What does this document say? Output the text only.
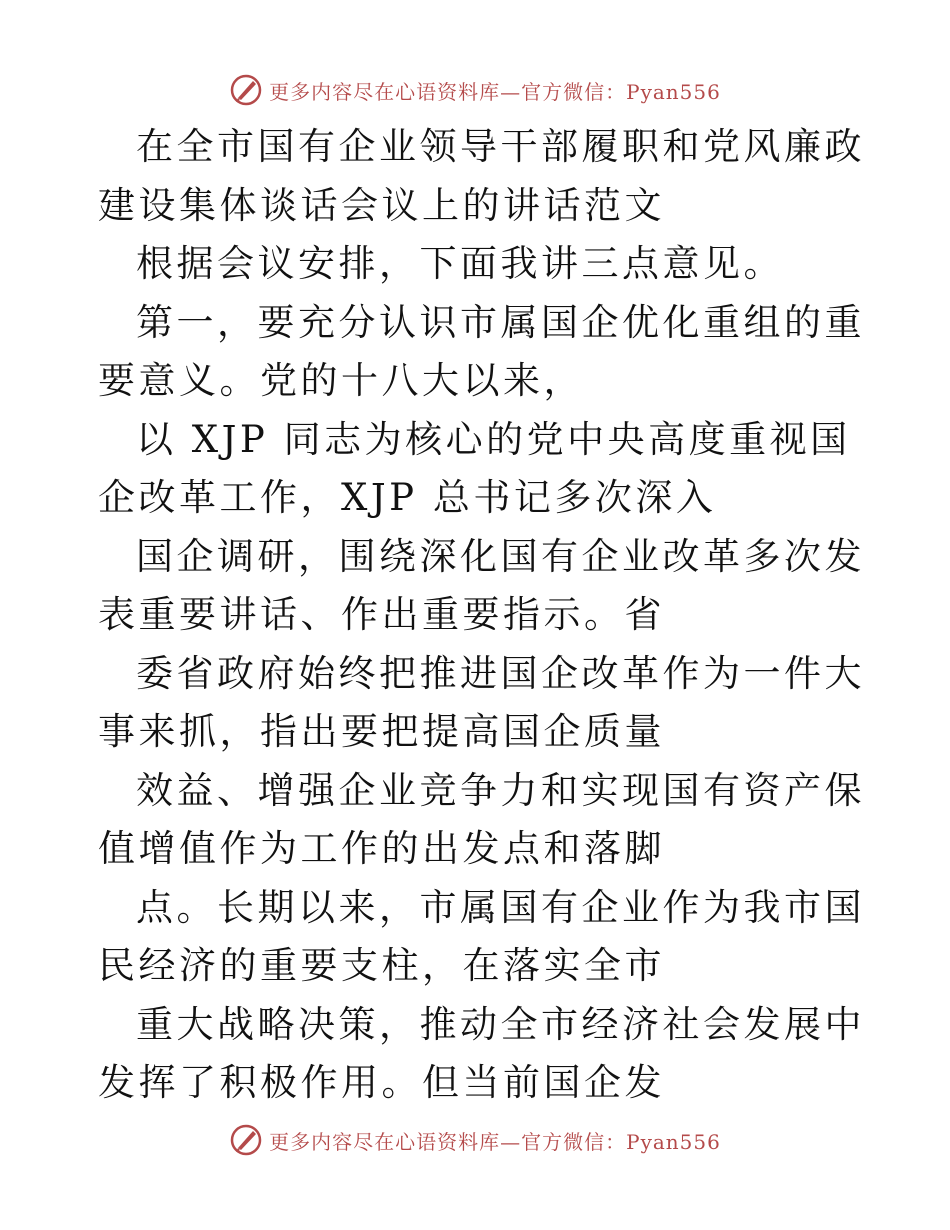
更多内容尽在心语资料库—官方微信：Pyan556

在全市国有企业领导干部履职和党风廉政建设集体谈话会议上的讲话范文

根据会议安排，下面我讲三点意见。

第一，要充分认识市属国企优化重组的重要意义。党的十八大以来，

以 XJP 同志为核心的党中央高度重视国企改革工作，XJP 总书记多次深入

国企调研，围绕深化国有企业改革多次发表重要讲话、作出重要指示。省

委省政府始终把推进国企改革作为一件大事来抓，指出要把提高国企质量

效益、增强企业竞争力和实现国有资产保值增值作为工作的出发点和落脚

点。长期以来，市属国有企业作为我市国民经济的重要支柱，在落实全市

重大战略决策，推动全市经济社会发展中发挥了积极作用。但当前国企发

更多内容尽在心语资料库—官方微信：Pyan556
